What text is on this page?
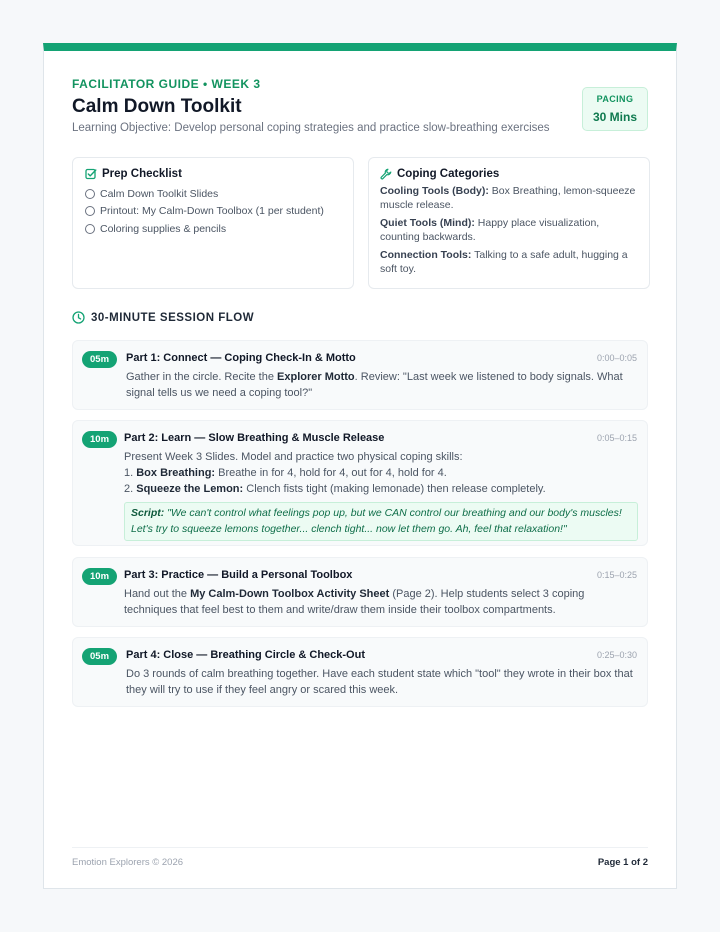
FACILITATOR GUIDE • WEEK 3
Calm Down Toolkit
Learning Objective: Develop personal coping strategies and practice slow-breathing exercises
PACING
30 Mins
Prep Checklist
Calm Down Toolkit Slides
Printout: My Calm-Down Toolbox (1 per student)
Coloring supplies & pencils
Coping Categories
Cooling Tools (Body): Box Breathing, lemon-squeeze muscle release.
Quiet Tools (Mind): Happy place visualization, counting backwards.
Connection Tools: Talking to a safe adult, hugging a soft toy.
30-MINUTE SESSION FLOW
05m	Part 1: Connect — Coping Check-In & Motto	0:00–0:05
Gather in the circle. Recite the Explorer Motto. Review: "Last week we listened to body signals. What signal tells us we need a coping tool?"
10m	Part 2: Learn — Slow Breathing & Muscle Release	0:05–0:15
Present Week 3 Slides. Model and practice two physical coping skills:
1. Box Breathing: Breathe in for 4, hold for 4, out for 4, hold for 4.
2. Squeeze the Lemon: Clench fists tight (making lemonade) then release completely.
Script: "We can't control what feelings pop up, but we CAN control our breathing and our body's muscles! Let's try to squeeze lemons together... clench tight... now let them go. Ah, feel that relaxation!"
10m	Part 3: Practice — Build a Personal Toolbox	0:15–0:25
Hand out the My Calm-Down Toolbox Activity Sheet (Page 2). Help students select 3 coping techniques that feel best to them and write/draw them inside their toolbox compartments.
05m	Part 4: Close — Breathing Circle & Check-Out	0:25–0:30
Do 3 rounds of calm breathing together. Have each student state which "tool" they wrote in their box that they will try to use if they feel angry or scared this week.
Emotion Explorers © 2026	Page 1 of 2
